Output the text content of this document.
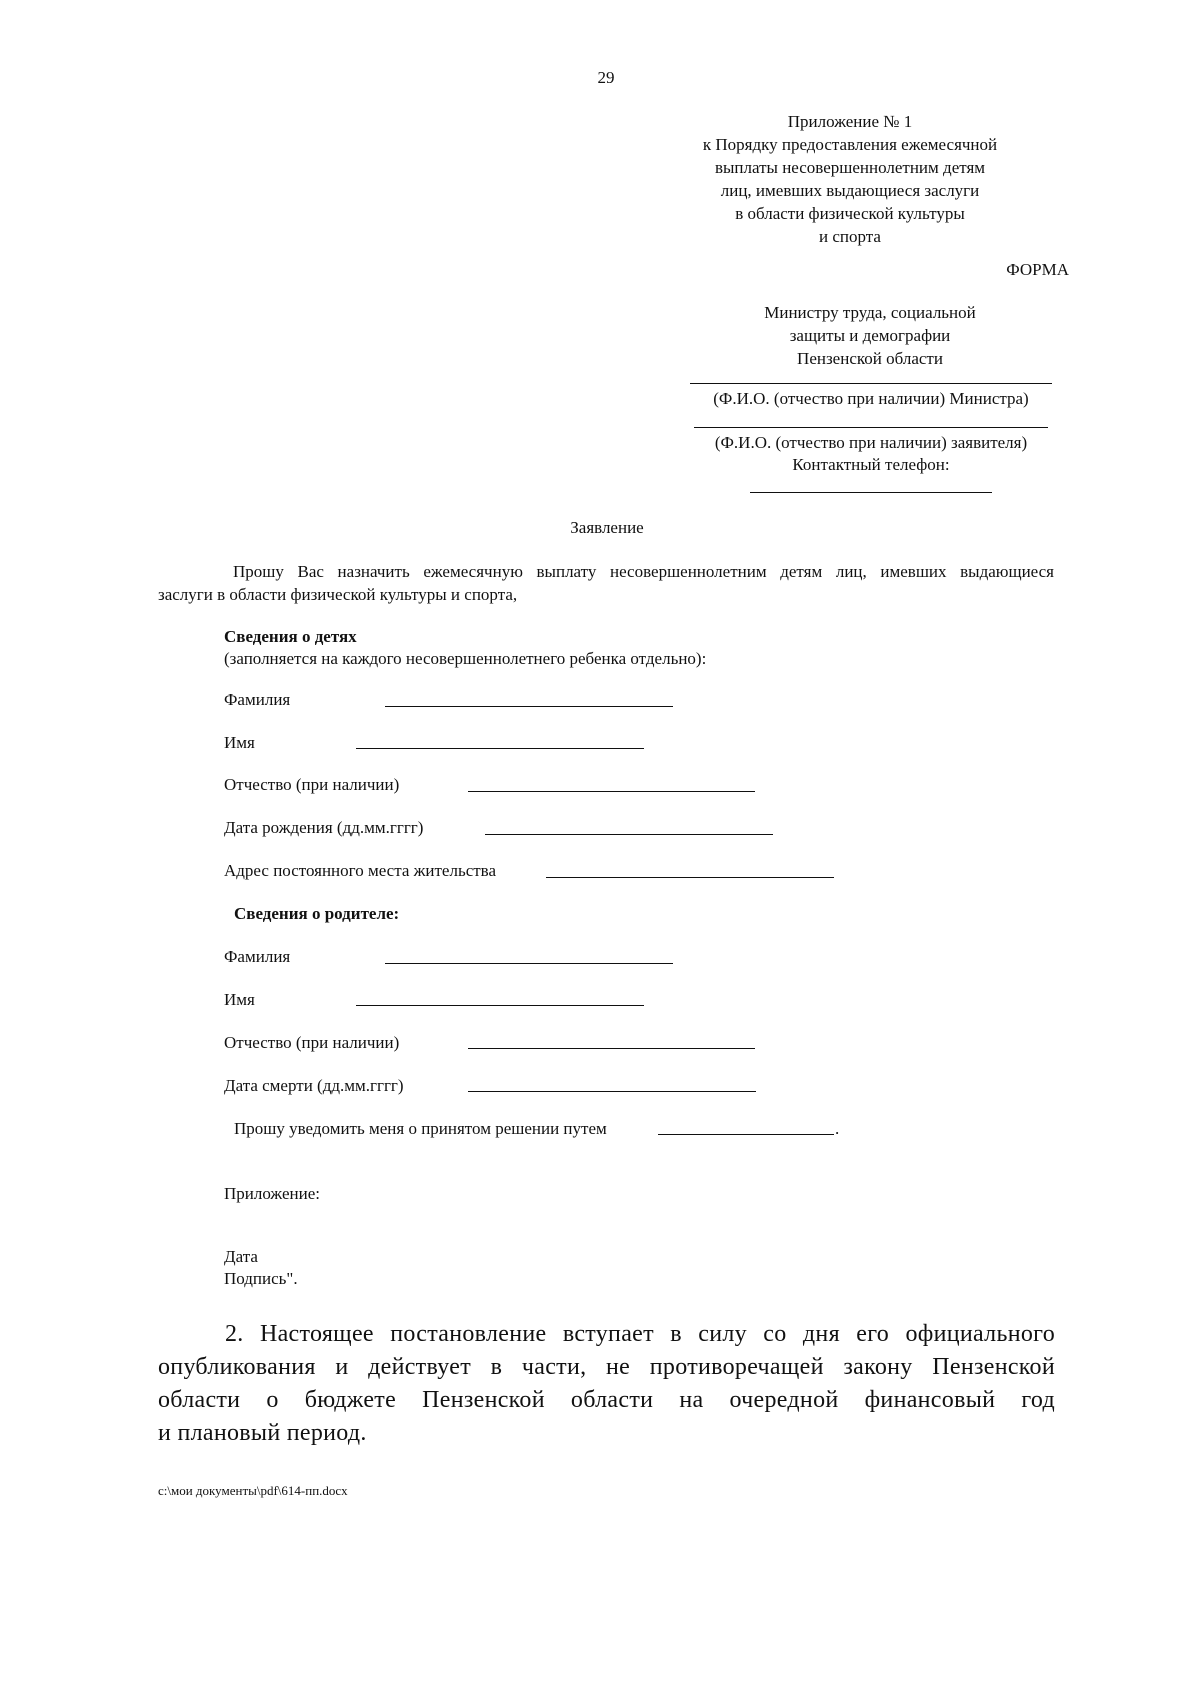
29
Приложение № 1
к Порядку предоставления ежемесячной
выплаты несовершеннолетним детям
лиц, имевших выдающиеся заслуги
в области физической культуры
и спорта
ФОРМА
Министру труда, социальной
защиты и демографии
Пензенской области
(Ф.И.О. (отчество при наличии) Министра)
(Ф.И.О. (отчество при наличии) заявителя)
Контактный телефон:
Заявление
Прошу Вас назначить ежемесячную выплату несовершеннолетним детям лиц, имевших выдающиеся
заслуги в области физической культуры и спорта,
Сведения о детях
(заполняется на каждого несовершеннолетнего ребенка отдельно):
Фамилия
Имя
Отчество (при наличии)
Дата рождения (дд.мм.гггг)
Адрес постоянного места жительства
Сведения о родителе:
Фамилия
Имя
Отчество (при наличии)
Дата смерти (дд.мм.гггг)
Прошу уведомить меня о принятом решении путем	.
Приложение:
Дата
Подпись".
2. Настоящее постановление вступает в силу со дня его официального
опубликования и действует в части, не противоречащей закону Пензенской
области о бюджете Пензенской области на очередной финансовый год
и плановый период.
c:\мои документы\pdf\614-пп.docx
